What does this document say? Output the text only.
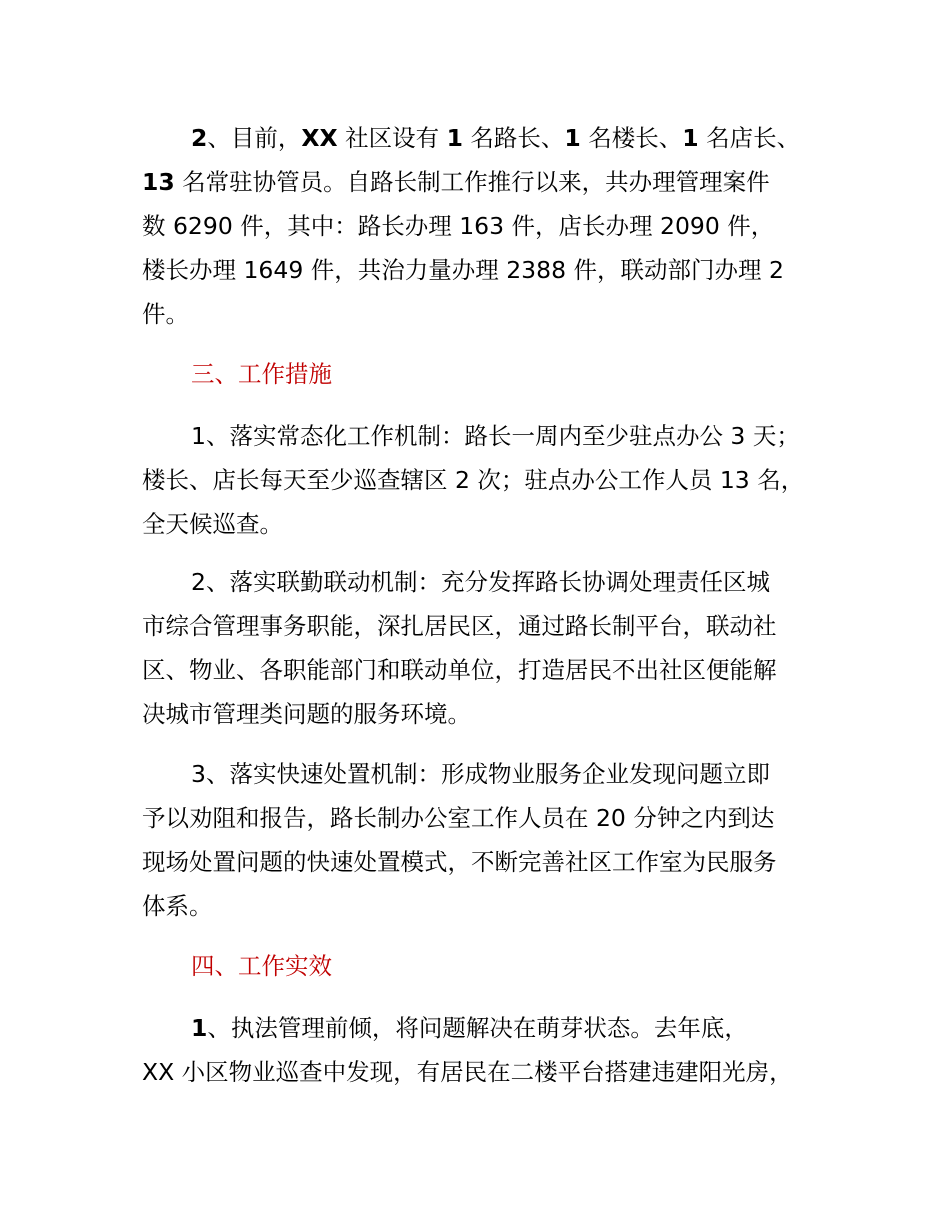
2、目前，XX 社区设有 1 名路长、1 名楼长、1 名店长、
13 名常驻协管员。自路长制工作推行以来，共办理管理案件
数 6290 件，其中：路长办理 163 件，店长办理 2090 件，
楼长办理 1649 件，共治力量办理 2388 件，联动部门办理 2
件。
三、工作措施
1、落实常态化工作机制：路长一周内至少驻点办公 3 天；
楼长、店长每天至少巡查辖区 2 次；驻点办公工作人员 13 名，
全天候巡查。
2、落实联勤联动机制：充分发挥路长协调处理责任区城
市综合管理事务职能，深扎居民区，通过路长制平台，联动社
区、物业、各职能部门和联动单位，打造居民不出社区便能解
决城市管理类问题的服务环境。
3、落实快速处置机制：形成物业服务企业发现问题立即
予以劝阻和报告，路长制办公室工作人员在 20 分钟之内到达
现场处置问题的快速处置模式，不断完善社区工作室为民服务
体系。
四、工作实效
1、执法管理前倾，将问题解决在萌芽状态。去年底，
XX 小区物业巡查中发现，有居民在二楼平台搭建违建阳光房，
